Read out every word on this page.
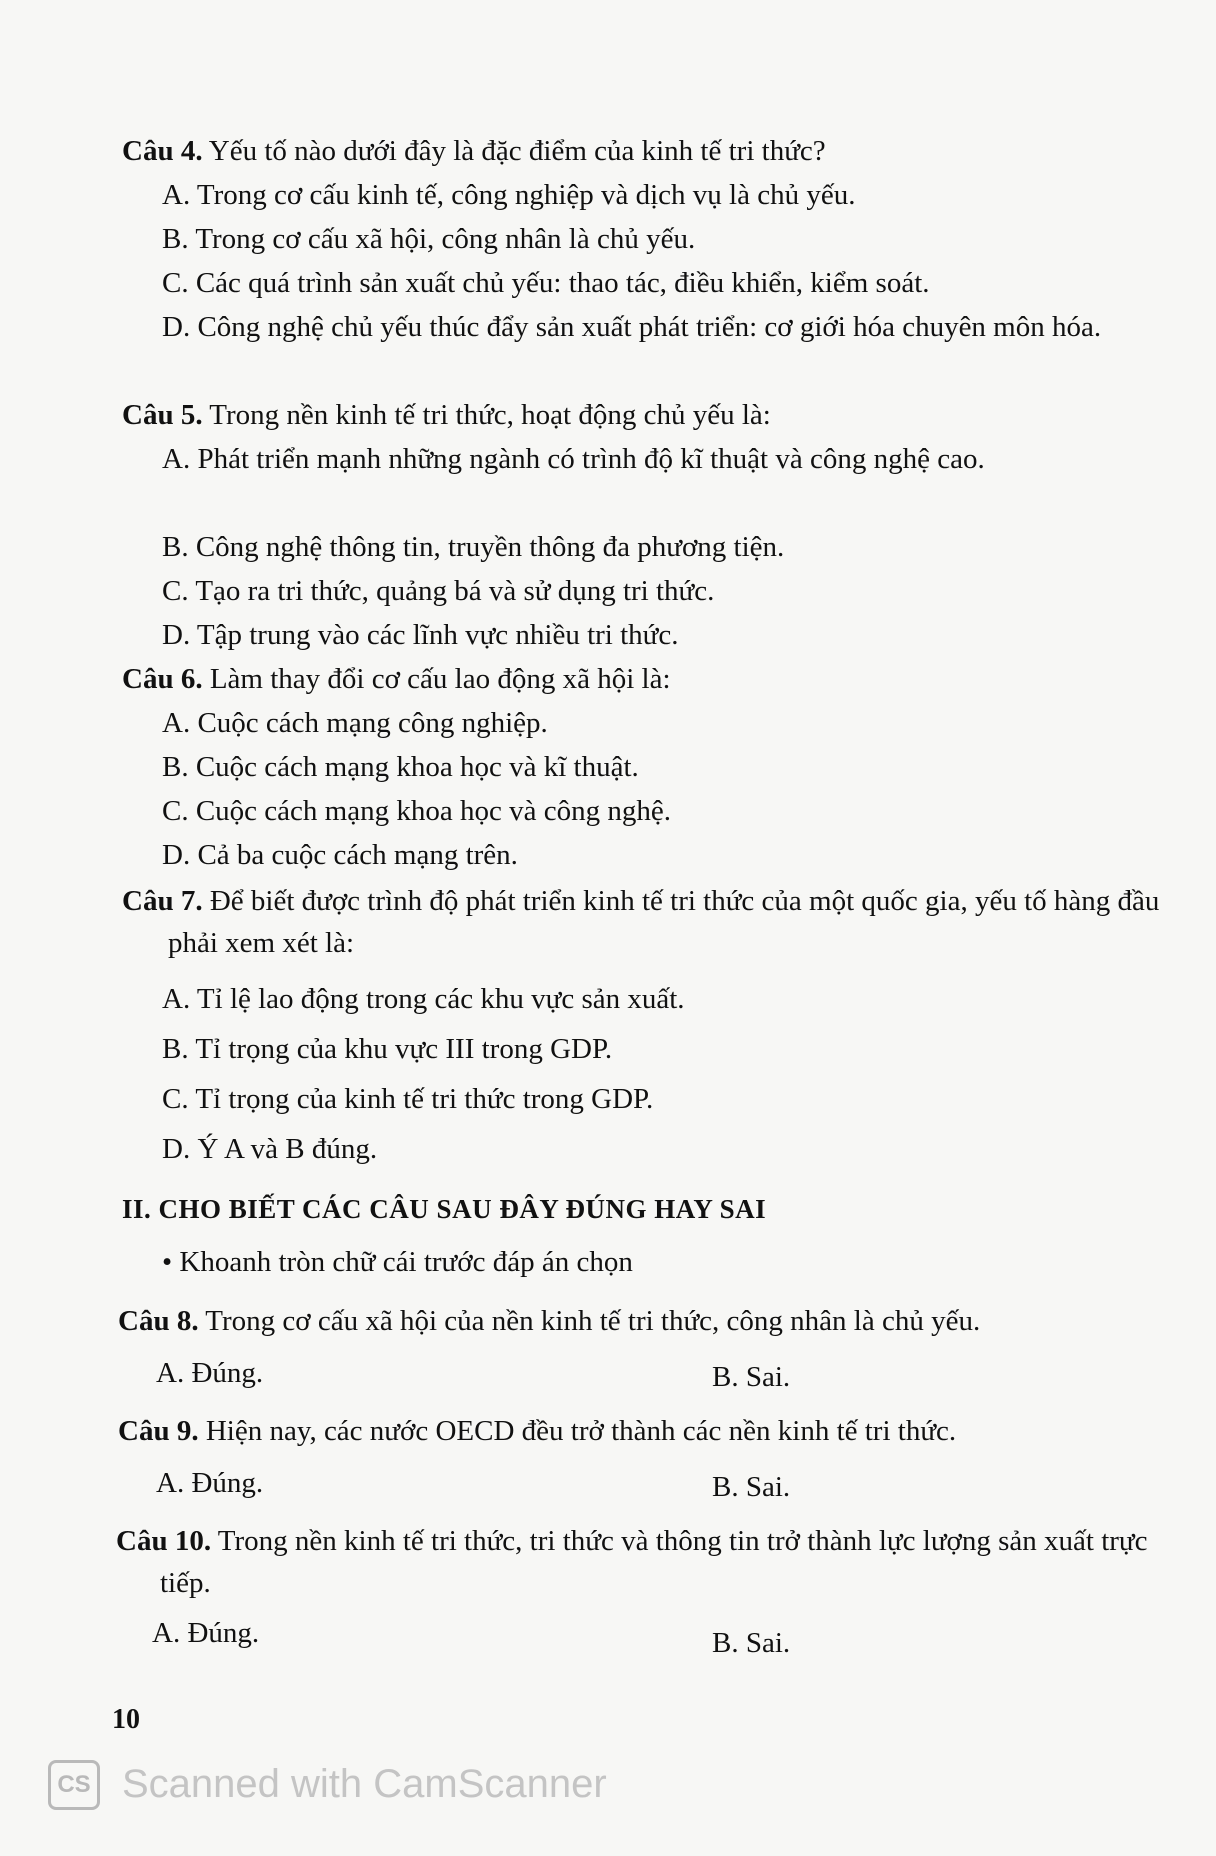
Câu 4. Yếu tố nào dưới đây là đặc điểm của kinh tế tri thức?
A. Trong cơ cấu kinh tế, công nghiệp và dịch vụ là chủ yếu.
B. Trong cơ cấu xã hội, công nhân là chủ yếu.
C. Các quá trình sản xuất chủ yếu: thao tác, điều khiển, kiểm soát.
D. Công nghệ chủ yếu thúc đẩy sản xuất phát triển: cơ giới hóa chuyên môn hóa.
Câu 5. Trong nền kinh tế tri thức, hoạt động chủ yếu là:
A. Phát triển mạnh những ngành có trình độ kĩ thuật và công nghệ cao.
B. Công nghệ thông tin, truyền thông đa phương tiện.
C. Tạo ra tri thức, quảng bá và sử dụng tri thức.
D. Tập trung vào các lĩnh vực nhiều tri thức.
Câu 6. Làm thay đổi cơ cấu lao động xã hội là:
A. Cuộc cách mạng công nghiệp.
B. Cuộc cách mạng khoa học và kĩ thuật.
C. Cuộc cách mạng khoa học và công nghệ.
D. Cả ba cuộc cách mạng trên.
Câu 7. Để biết được trình độ phát triển kinh tế tri thức của một quốc gia, yếu tố hàng đầu phải xem xét là:
A. Tỉ lệ lao động trong các khu vực sản xuất.
B. Tỉ trọng của khu vực III trong GDP.
C. Tỉ trọng của kinh tế tri thức trong GDP.
D. Ý A và B đúng.
II. CHO BIẾT CÁC CÂU SAU ĐÂY ĐÚNG HAY SAI
• Khoanh tròn chữ cái trước đáp án chọn
Câu 8. Trong cơ cấu xã hội của nền kinh tế tri thức, công nhân là chủ yếu.
A. Đúng.	B. Sai.
Câu 9. Hiện nay, các nước OECD đều trở thành các nền kinh tế tri thức.
A. Đúng.	B. Sai.
Câu 10. Trong nền kinh tế tri thức, tri thức và thông tin trở thành lực lượng sản xuất trực tiếp.
A. Đúng.	B. Sai.
10
CS Scanned with CamScanner
